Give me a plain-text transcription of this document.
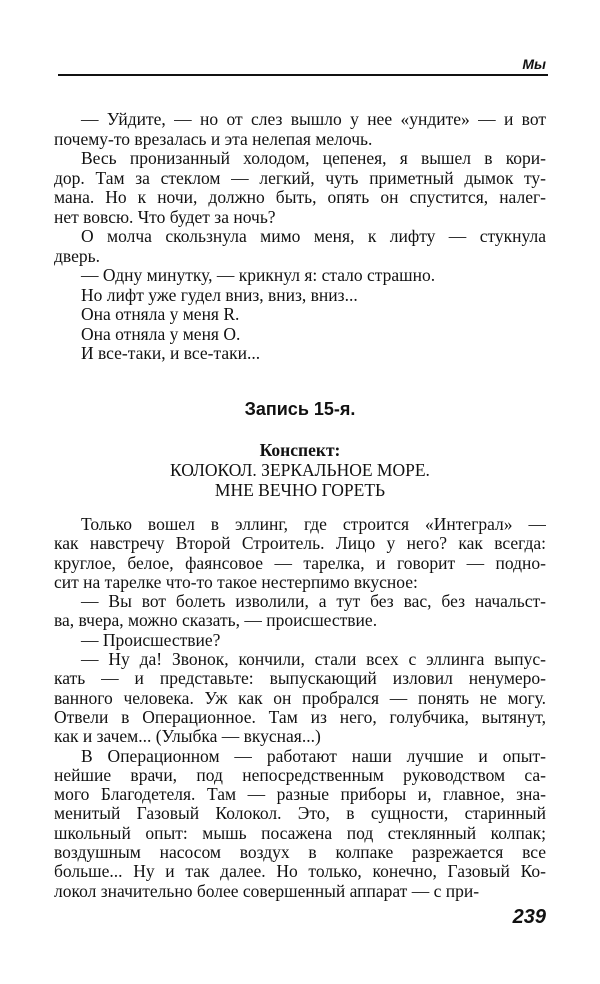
Мы
— Уйдите, — но от слез вышло у нее «ундите» — и вот
почему-то врезалась и эта нелепая мелочь.
Весь пронизанный холодом, цепенея, я вышел в кори-
дор. Там за стеклом — легкий, чуть приметный дымок ту-
мана. Но к ночи, должно быть, опять он спустится, налег-
нет вовсю. Что будет за ночь?
О молча скользнула мимо меня, к лифту — стукнула
дверь.
— Одну минутку, — крикнул я: стало страшно.
Но лифт уже гудел вниз, вниз, вниз...
Она отняла у меня R.
Она отняла у меня О.
И все-таки, и все-таки...
Запись 15-я.
Конспект:
КОЛОКОЛ. ЗЕРКАЛЬНОЕ МОРЕ.
МНЕ ВЕЧНО ГОРЕТЬ
Только вошел в эллинг, где строится «Интеграл» —
как навстречу Второй Строитель. Лицо у него? как всегда:
круглое, белое, фаянсовое — тарелка, и говорит — подно-
сит на тарелке что-то такое нестерпимо вкусное:
— Вы вот болеть изволили, а тут без вас, без начальст-
ва, вчера, можно сказать, — происшествие.
— Происшествие?
— Ну да! Звонок, кончили, стали всех с эллинга выпус-
кать — и представьте: выпускающий изловил ненумеро-
ванного человека. Уж как он пробрался — понять не могу.
Отвели в Операционное. Там из него, голубчика, вытянут,
как и зачем... (Улыбка — вкусная...)
В Операционном — работают наши лучшие и опыт-
нейшие врачи, под непосредственным руководством са-
мого Благодетеля. Там — разные приборы и, главное, зна-
менитый Газовый Колокол. Это, в сущности, старинный
школьный опыт: мышь посажена под стеклянный колпак;
воздушным насосом воздух в колпаке разрежается все
больше... Ну и так далее. Но только, конечно, Газовый Ко-
локол значительно более совершенный аппарат — с при-
239
